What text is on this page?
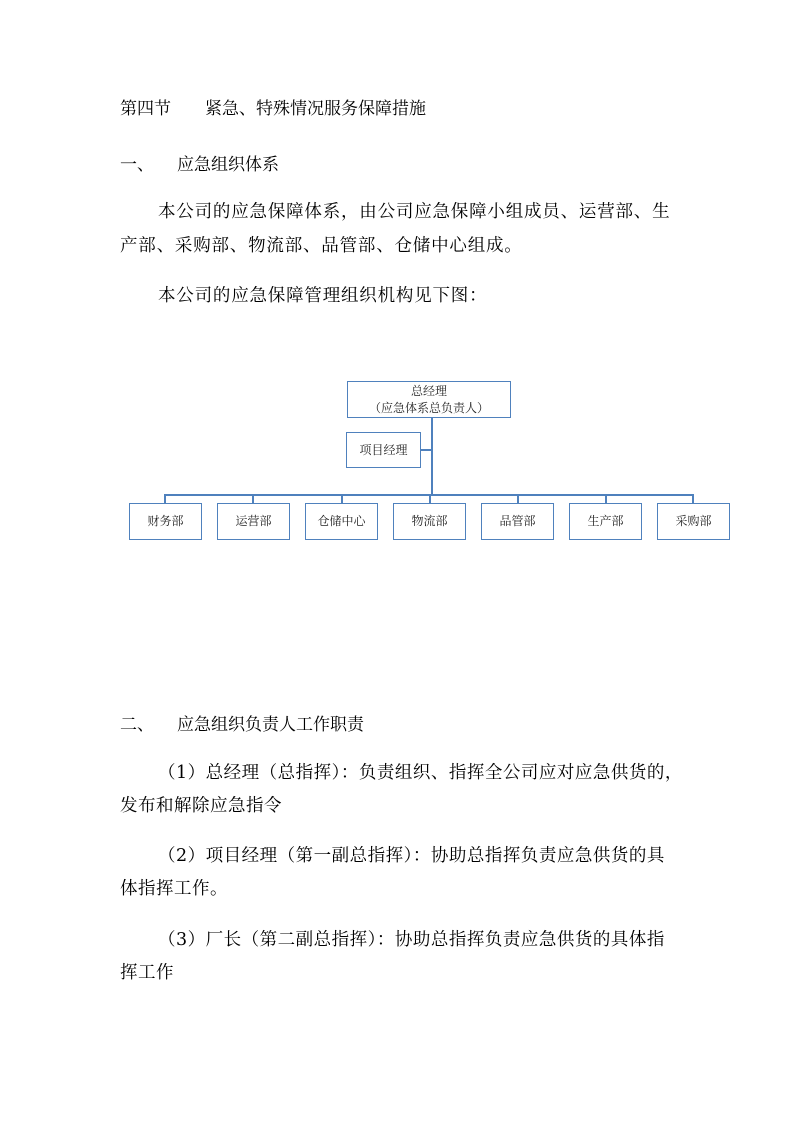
第四节 紧急、特殊情况服务保障措施
一、 应急组织体系
本公司的应急保障体系，由公司应急保障小组成员、运营部、生
产部、采购部、物流部、品管部、仓储中心组成。
本公司的应急保障管理组织机构见下图：
总经理
（应急体系总负责人）
项目经理
财务部	运营部	仓储中心	物流部	品管部	生产部	采购部
二、 应急组织负责人工作职责
（1）总经理（总指挥）：负责组织、指挥全公司应对应急供货的，
发布和解除应急指令
（2）项目经理（第一副总指挥）：协助总指挥负责应急供货的具
体指挥工作。
（3）厂长（第二副总指挥）：协助总指挥负责应急供货的具体指
挥工作
